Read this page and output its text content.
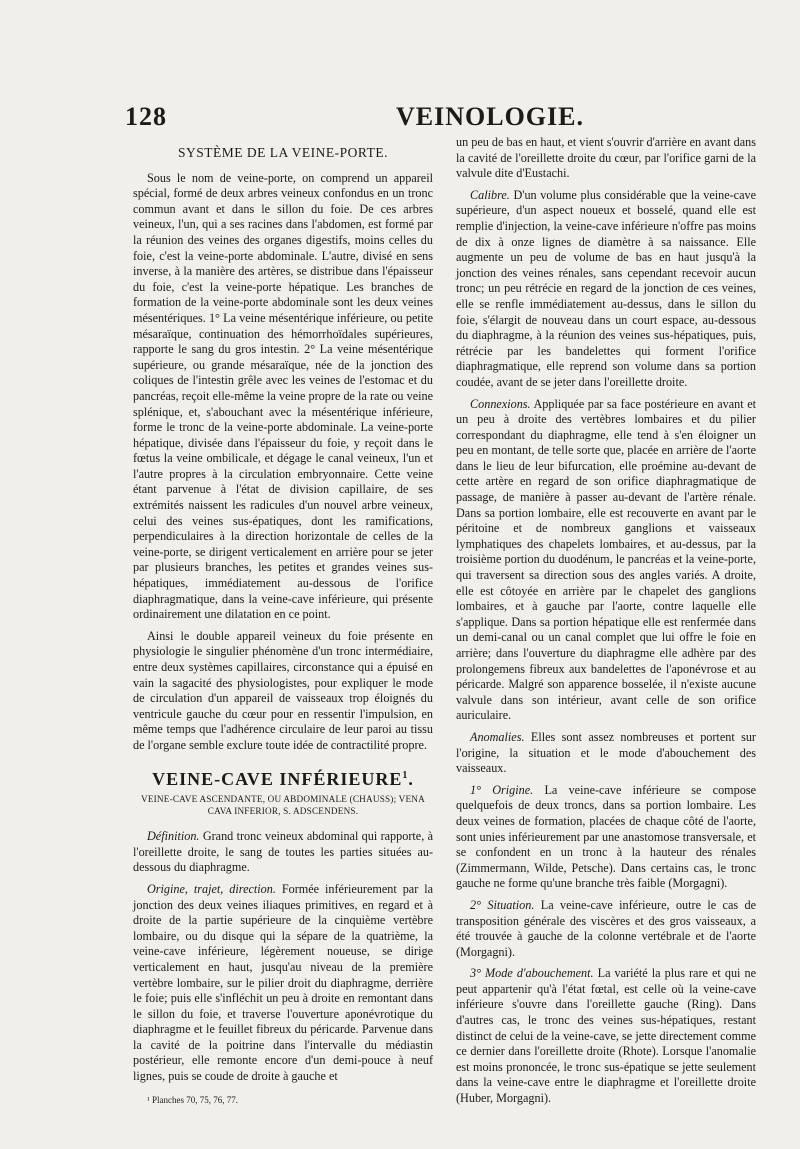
128	VEINOLOGIE.
SYSTÈME DE LA VEINE-PORTE.

Sous le nom de veine-porte, on comprend un appareil spécial, formé de deux arbres veineux confondus en un tronc commun avant et dans le sillon du foie. De ces arbres veineux, l'un, qui a ses racines dans l'abdomen, est formé par la réunion des veines des organes digestifs, moins celles du foie, c'est la veine-porte abdominale. L'autre, divisé en sens inverse, à la manière des artères, se distribue dans l'épaisseur du foie, c'est la veine-porte hépatique. Les branches de formation de la veine-porte abdominale sont les deux veines mésentériques. 1° La veine mésentérique inférieure, ou petite mésaraïque, continuation des hémorrhoïdales supérieures, rapporte le sang du gros intestin. 2° La veine mésentérique supérieure, ou grande mésaraïque, née de la jonction des coliques de l'intestin grêle avec les veines de l'estomac et du pancréas, reçoit elle-même la veine propre de la rate ou veine splénique, et, s'abouchant avec la mésentérique inférieure, forme le tronc de la veine-porte abdominale. La veine-porte hépatique, divisée dans l'épaisseur du foie, y reçoit dans le fœtus la veine ombilicale, et dégage le canal veineux, l'un et l'autre propres à la circulation embryonnaire. Cette veine étant parvenue à l'état de division capillaire, de ses extrémités naissent les radicules d'un nouvel arbre veineux, celui des veines sus-épatiques, dont les ramifications, perpendiculaires à la direction horizontale de celles de la veine-porte, se dirigent verticalement en arrière pour se jeter par plusieurs branches, les petites et grandes veines sus-hépatiques, immédiatement au-dessous de l'orifice diaphragmatique, dans la veine-cave inférieure, qui présente ordinairement une dilatation en ce point.

Ainsi le double appareil veineux du foie présente en physiologie le singulier phénomène d'un tronc intermédiaire, entre deux systèmes capillaires, circonstance qui a épuisé en vain la sagacité des physiologistes, pour expliquer le mode de circulation d'un appareil de vaisseaux trop éloignés du ventricule gauche du cœur pour en ressentir l'impulsion, en même temps que l'adhérence circulaire de leur paroi au tissu de l'organe semble exclure toute idée de contractilité propre.

VEINE-CAVE INFÉRIEURE$^1$.
VEINE-CAVE ASCENDANTE, OU ABDOMINALE (CHAUSS); VENA CAVA INFERIOR, S. ADSCENDENS.

Définition. Grand tronc veineux abdominal qui rapporte, à l'oreillette droite, le sang de toutes les parties situées au-dessous du diaphragme.

Origine, trajet, direction. Formée inférieurement par la jonction des deux veines iliaques primitives, en regard et à droite de la partie supérieure de la cinquième vertèbre lombaire, ou du disque qui la sépare de la quatrième, la veine-cave inférieure, légèrement noueuse, se dirige verticalement en haut, jusqu'au niveau de la première vertèbre lombaire, sur le pilier droit du diaphragme, derrière le foie; puis elle s'infléchit un peu à droite en remontant dans le sillon du foie, et traverse l'ouverture aponévrotique du diaphragme et le feuillet fibreux du péricarde. Parvenue dans la cavité de la poitrine dans l'intervalle du médiastin postérieur, elle remonte encore d'un demi-pouce à neuf lignes, puis se coude de droite à gauche et

¹ Planches 70, 75, 76, 77.

un peu de bas en haut, et vient s'ouvrir d'arrière en avant dans la cavité de l'oreillette droite du cœur, par l'orifice garni de la valvule dite d'Eustachi.

Calibre. D'un volume plus considérable que la veine-cave supérieure, d'un aspect noueux et bosselé, quand elle est remplie d'injection, la veine-cave inférieure n'offre pas moins de dix à onze lignes de diamètre à sa naissance. Elle augmente un peu de volume de bas en haut jusqu'à la jonction des veines rénales, sans cependant recevoir aucun tronc; un peu rétrécie en regard de la jonction de ces veines, elle se renfle immédiatement au-dessus, dans le sillon du foie, s'élargit de nouveau dans un court espace, au-dessous du diaphragme, à la réunion des veines sus-hépatiques, puis, rétrécie par les bandelettes qui forment l'orifice diaphragmatique, elle reprend son volume dans sa portion coudée, avant de se jeter dans l'oreillette droite.

Connexions. Appliquée par sa face postérieure en avant et un peu à droite des vertèbres lombaires et du pilier correspondant du diaphragme, elle tend à s'en éloigner un peu en montant, de telle sorte que, placée en arrière de l'aorte dans le lieu de leur bifurcation, elle proémine au-devant de cette artère en regard de son orifice diaphragmatique de passage, de manière à passer au-devant de l'artère rénale. Dans sa portion lombaire, elle est recouverte en avant par le péritoine et de nombreux ganglions et vaisseaux lymphatiques des chapelets lombaires, et au-dessus, par la troisième portion du duodénum, le pancréas et la veine-porte, qui traversent sa direction sous des angles variés. A droite, elle est côtoyée en arrière par le chapelet des ganglions lombaires, et à gauche par l'aorte, contre laquelle elle s'applique. Dans sa portion hépatique elle est renfermée dans un demi-canal ou un canal complet que lui offre le foie en arrière; dans l'ouverture du diaphragme elle adhère par des prolongemens fibreux aux bandelettes de l'aponévrose et au péricarde. Malgré son apparence bosselée, il n'existe aucune valvule dans son intérieur, avant celle de son orifice auriculaire.

Anomalies. Elles sont assez nombreuses et portent sur l'origine, la situation et le mode d'abouchement des vaisseaux.

1° Origine. La veine-cave inférieure se compose quelquefois de deux troncs, dans sa portion lombaire. Les deux veines de formation, placées de chaque côté de l'aorte, sont unies inférieurement par une anastomose transversale, et se confondent en un tronc à la hauteur des rénales (Zimmermann, Wilde, Petsche). Dans certains cas, le tronc gauche ne forme qu'une branche très faible (Morgagni).

2° Situation. La veine-cave inférieure, outre le cas de transposition générale des viscères et des gros vaisseaux, a été trouvée à gauche de la colonne vertébrale et de l'aorte (Morgagni).

3° Mode d'abouchement. La variété la plus rare et qui ne peut appartenir qu'à l'état fœtal, est celle où la veine-cave inférieure s'ouvre dans l'oreillette gauche (Ring). Dans d'autres cas, le tronc des veines sus-hépatiques, restant distinct de celui de la veine-cave, se jette directement comme ce dernier dans l'oreillette droite (Rhote). Lorsque l'anomalie est moins prononcée, le tronc sus-épatique se jette seulement dans la veine-cave entre le diaphragme et l'oreillette droite (Huber, Morgagni).
